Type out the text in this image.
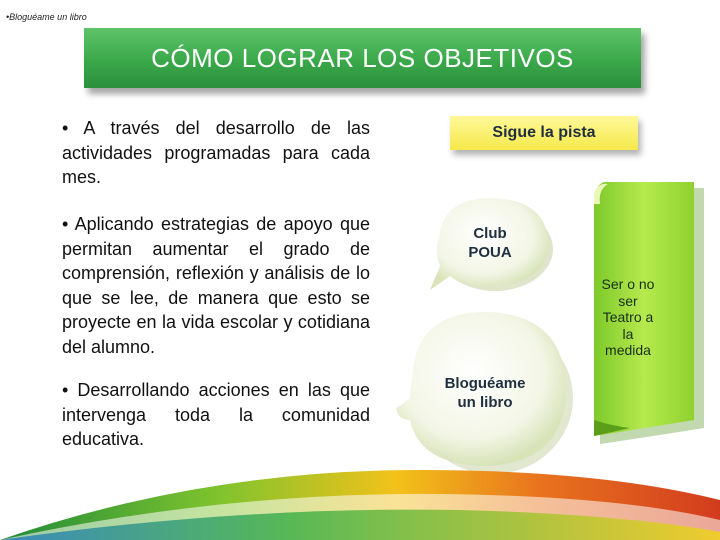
•Bloguéame un libro
CÓMO LOGRAR LOS OBJETIVOS
• A través del desarrollo de las actividades programadas para cada mes.
• Aplicando estrategias de apoyo que permitan aumentar el grado de comprensión, reflexión y análisis de lo que se lee, de manera que esto se proyecte en la vida escolar y cotidiana del alumno.
• Desarrollando acciones en las que intervenga toda la comunidad educativa.
Sigue la pista
Club
POUA
Bloguéame
un libro
Ser o no ser Teatro a la medida
